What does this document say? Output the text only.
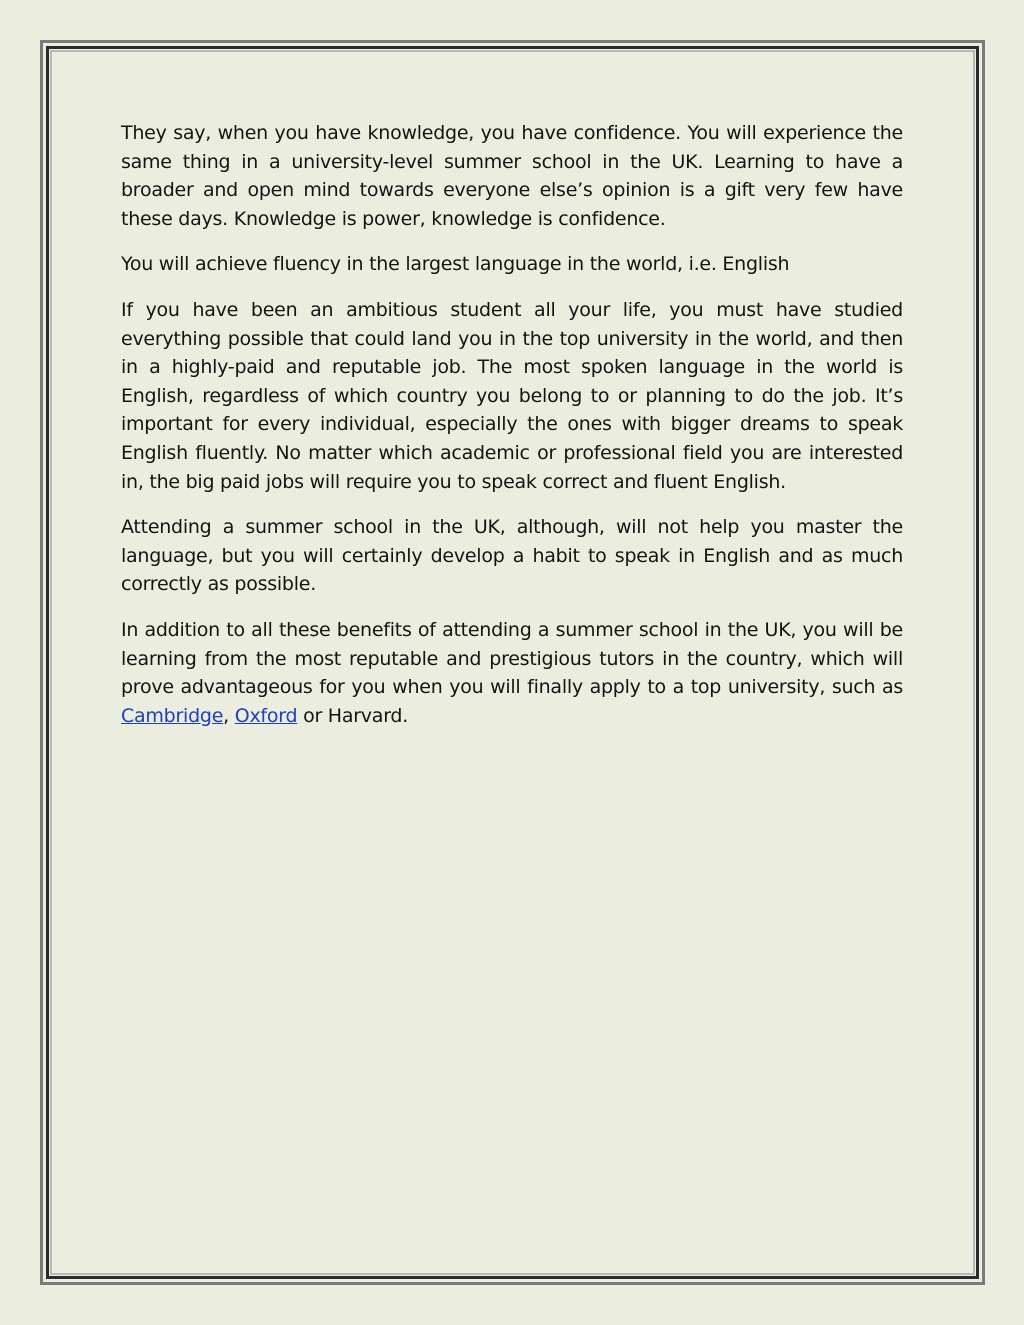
They say, when you have knowledge, you have confidence. You will experience the same thing in a university-level summer school in the UK. Learning to have a broader and open mind towards everyone else’s opinion is a gift very few have these days. Knowledge is power, knowledge is confidence.

You will achieve fluency in the largest language in the world, i.e. English

If you have been an ambitious student all your life, you must have studied everything possible that could land you in the top university in the world, and then in a highly-paid and reputable job. The most spoken language in the world is English, regardless of which country you belong to or planning to do the job. It’s important for every individual, especially the ones with bigger dreams to speak English fluently. No matter which academic or professional field you are interested in, the big paid jobs will require you to speak correct and fluent English.

Attending a summer school in the UK, although, will not help you master the language, but you will certainly develop a habit to speak in English and as much correctly as possible.

In addition to all these benefits of attending a summer school in the UK, you will be learning from the most reputable and prestigious tutors in the country, which will prove advantageous for you when you will finally apply to a top university, such as Cambridge, Oxford or Harvard.
